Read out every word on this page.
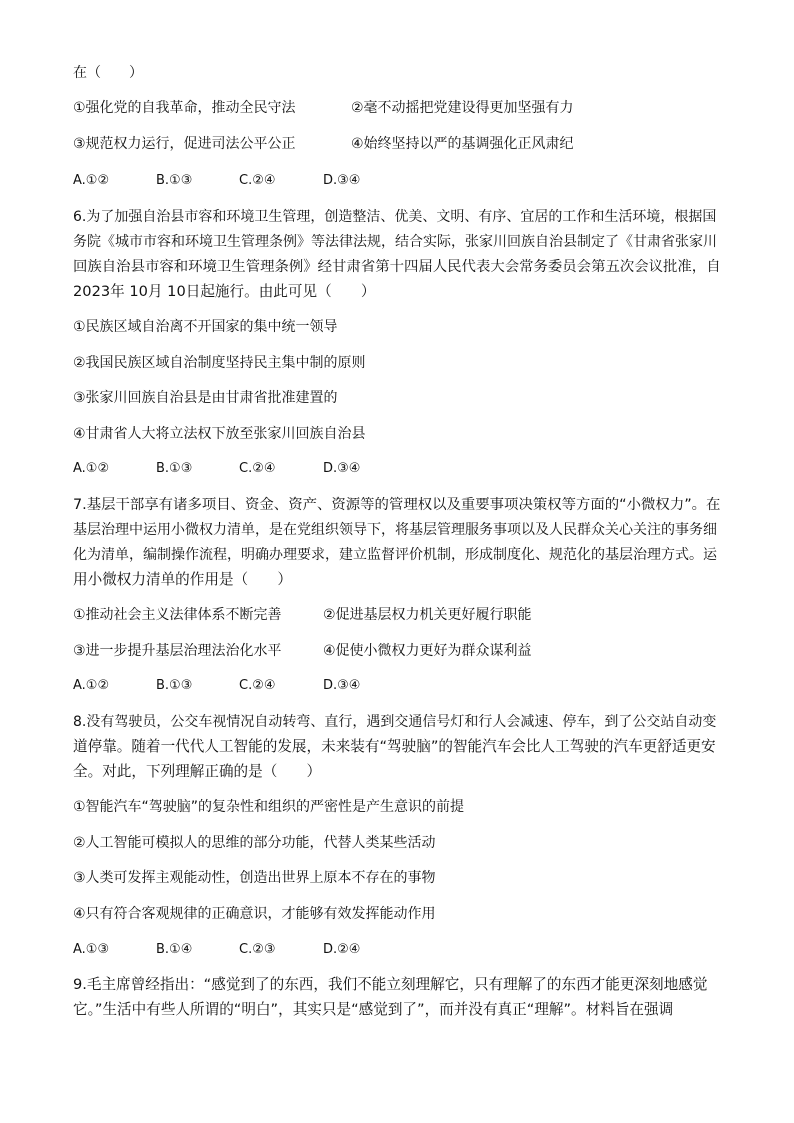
在（　　）
①强化党的自我革命，推动全民守法	②毫不动摇把党建设得更加坚强有力
③规范权力运行，促进司法公平公正	④始终坚持以严的基调强化正风肃纪
A.①②	B.①③	C.②④	D.③④
6.为了加强自治县市容和环境卫生管理，创造整洁、优美、文明、有序、宜居的工作和生活环境，根据国
务院《城市市容和环境卫生管理条例》等法律法规，结合实际，张家川回族自治县制定了《甘肃省张家川
回族自治县市容和环境卫生管理条例》经甘肃省第十四届人民代表大会常务委员会第五次会议批准，自
2023年 10月 10日起施行。由此可见（　　）
①民族区域自治离不开国家的集中统一领导
②我国民族区域自治制度坚持民主集中制的原则
③张家川回族自治县是由甘肃省批准建置的
④甘肃省人大将立法权下放至张家川回族自治县
A.①②	B.①③	C.②④	D.③④
7.基层干部享有诸多项目、资金、资产、资源等的管理权以及重要事项决策权等方面的“小微权力”。在
基层治理中运用小微权力清单，是在党组织领导下，将基层管理服务事项以及人民群众关心关注的事务细
化为清单，编制操作流程，明确办理要求，建立监督评价机制，形成制度化、规范化的基层治理方式。运
用小微权力清单的作用是（　　）
①推动社会主义法律体系不断完善	②促进基层权力机关更好履行职能
③进一步提升基层治理法治化水平	④促使小微权力更好为群众谋利益
A.①②	B.①③	C.②④	D.③④
8.没有驾驶员，公交车视情况自动转弯、直行，遇到交通信号灯和行人会减速、停车，到了公交站自动变
道停靠。随着一代代人工智能的发展，未来装有“驾驶脑”的智能汽车会比人工驾驶的汽车更舒适更安
全。对此，下列理解正确的是（　　）
①智能汽车“驾驶脑”的复杂性和组织的严密性是产生意识的前提
②人工智能可模拟人的思维的部分功能，代替人类某些活动
③人类可发挥主观能动性，创造出世界上原本不存在的事物
④只有符合客观规律的正确意识，才能够有效发挥能动作用
A.①③	B.①④	C.②③	D.②④
9.毛主席曾经指出：“感觉到了的东西，我们不能立刻理解它，只有理解了的东西才能更深刻地感觉
它。”生活中有些人所谓的“明白”，其实只是“感觉到了”，而并没有真正“理解”。材料旨在强调
